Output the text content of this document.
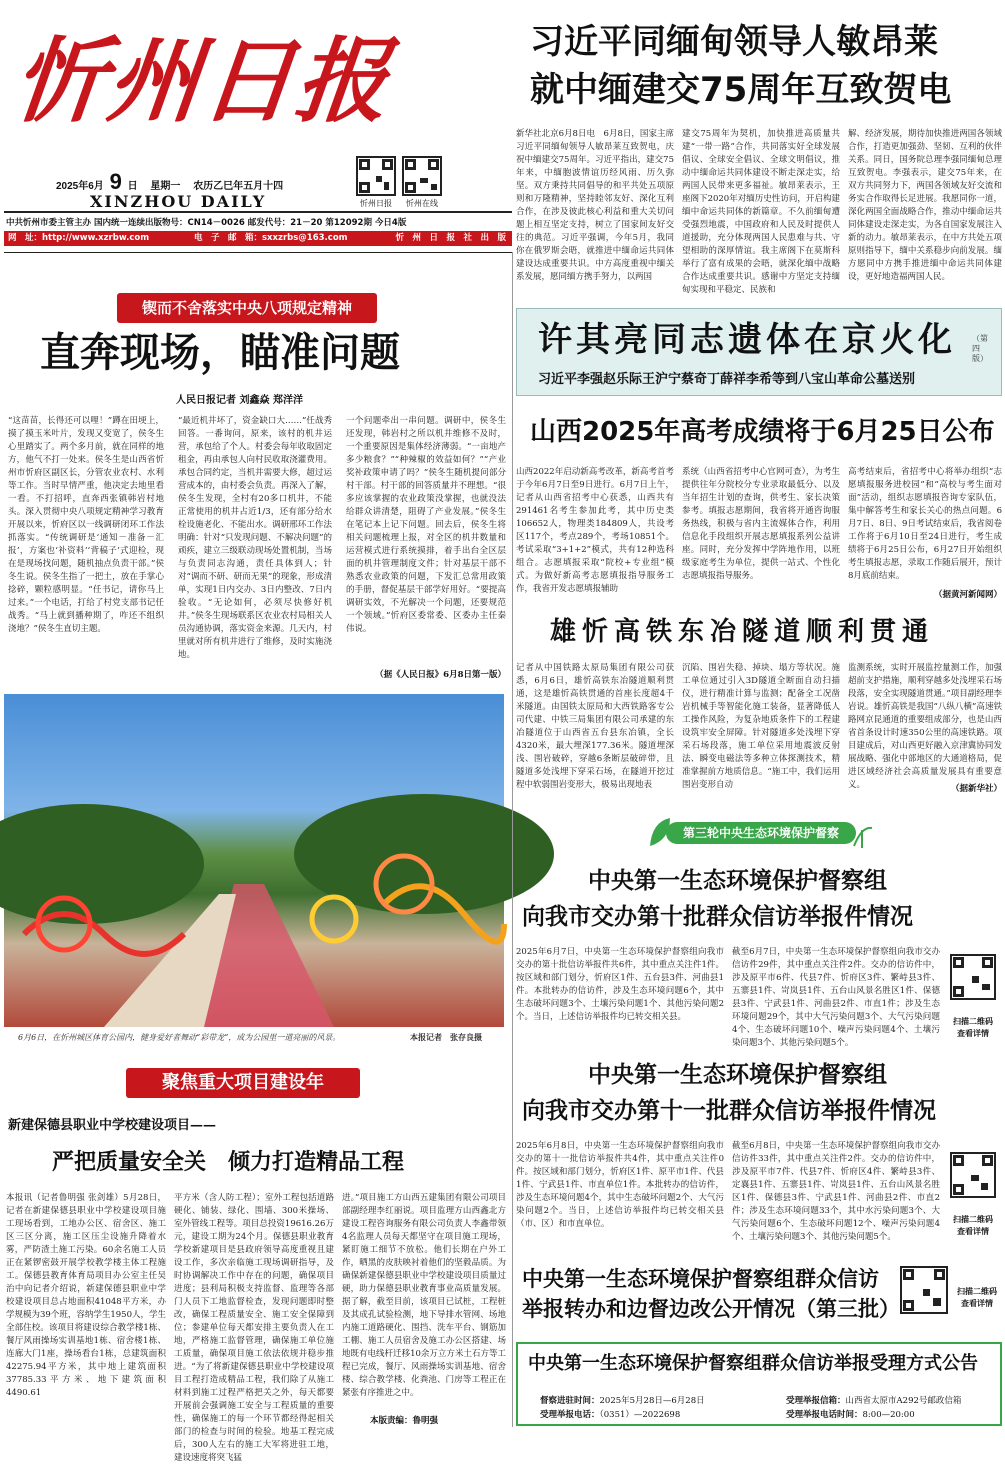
忻州日报
2025年6月 9 日 星期一 农历乙巳年五月十四
XINZHOU DAILY	忻州日报	忻州在线
中共忻州市委主管主办 国内统一连续出版物号：CN14－0026 邮发代号：21－20 第12092期 今日4版
网　址：http://www.xzrbw.com	电　子　邮　箱：sxxzrbs@163.com	忻　州　日　报　社　出　版
习近平同缅甸领导人敏昂莱
就中缅建交75周年互致贺电
新华社北京6月8日电　6月8日，国家主席习近平同缅甸领导人敏昂莱互致贺电，庆祝中缅建交75周年。习近平指出，建交75年来，中缅胞波情谊历经风雨、历久弥坚。双方秉持共同倡导的和平共处五项原则和万隆精神，坚持睦邻友好、深化互利合作，在涉及彼此核心利益和重大关切问题上相互坚定支持，树立了国家间友好交往的典范。习近平强调，今年5月，我同你在俄罗斯会晤，就推进中缅命运共同体建设达成重要共识。中方高度重视中缅关系发展，愿同缅方携手努力，以两国
建交75周年为契机，加快推进高质量共建“一带一路”合作，共同落实好全球发展倡议、全球安全倡议、全球文明倡议，推动中缅命运共同体建设不断走深走实，给两国人民带来更多福祉。敏昂莱表示，王座阁下2020年对缅历史性访问，开启构建缅中命运共同体的新篇章。不久前缅甸遭受强烈地震，中国政府和人民及时提供人道援助，充分体现两国人民患难与共、守望相助的深厚情谊。我主席阁下在莫斯科举行了富有成果的会晤，就深化缅中战略合作达成重要共识。感谢中方坚定支持缅甸实现和平稳定、民族和
解、经济发展，期待加快推进两国各领域合作，打造更加强劲、坚韧、互利的伙伴关系。同日，国务院总理李强同缅甸总理互致贺电。李强表示，建交75年来，在双方共同努力下，两国各领域友好交流和务实合作取得长足进展。我愿同你一道，深化两国全面战略合作，推动中缅命运共同体建设走深走实，为各自国家发展注入新的动力。敏昂莱表示，在中方共处五项原则指导下，缅中关系稳步向前发展。缅方愿同中方携手推进缅中命运共同体建设，更好地造福两国人民。
锲而不舍落实中央八项规定精神
直奔现场，瞄准问题
人民日报记者 刘鑫焱 郑洋洋
“这苗苗，长得还可以哩！”蹲在田埂上，摸了摸玉米叶片，发现又变宽了，侯冬生心里踏实了。两个多月前，就在同样的地方，他气不打一处来。侯冬生是山西省忻州市忻府区副区长，分管农业农村、水利等工作。当时早情严重，他决定去地里看一看。不打招呼，直奔西张镇韩岩村地头。深入贯彻中央八项规定精神学习教育开展以来，忻府区以一线调研闭环工作法抓落实。“传统调研是‘通知－准备－汇报’，方案也‘补资料’‘背稿子’式迎检，现在是现场找问题，随机抽点负责干部。”侯冬生说。侯冬生指了一把土，放在手掌心捻碎，颗粒感明显。“任书记，请你马上过来。”一个电话，打给了村党支部书记任战秀。“马上就到播种期了，咋还不组织浇地？”侯冬生直切主题。
“最近机井坏了，资金缺口大……”任战秀回答。一番询问，原来，该村的机井运营，承包给了个人。村委会每年收取固定租金，再由承包人向村民收取浇灌费用。承包合同约定，当机井需要大修，超过运营成本的，由村委会负责。再深入了解，侯冬生发现，全村有20多口机井，不能正常使用的机井占近1/3，还有部分给水栓设施老化、不能出水。调研邢环工作法明确：针对“只发现问题、不解决问题”的顽疾，建立三级联动现场处置机制，当场与负责同志沟通，责任具体到人；针对“调而不研、研而无果”的现象，形成清单，实现1日内交办、3日内整改、7日内验收。“无论如何，必须尽快修好机井。”侯冬生现场联系区农业农村局相关人员沟通协调，落实资金来源。几天内，村里就对所有机井进行了维修，及时实施浇地。
一个问题牵出一串问题。调研中，侯冬生还发现，韩岩村之所以机井维修不及时，一个重要原因是集体经济薄弱。“一亩地产多少粮食？”“种辣椒的效益如何？”“产业奖补政策申请了吗？”侯冬生随机提问部分村干部。村干部的回答质量并不理想。“很多应该掌握的农业政策没掌握，也就没法给群众讲清楚，阻碍了产业发展。”侯冬生在笔记本上记下问题。回去后，侯冬生将相关问题梳理上报，对全区的机井数量和运营模式进行系统摸排，着手出台全区层面的机井管理制度文件；针对基层干部不熟悉农业政策的问题，下发汇总常用政策的手册，督促基层干部学好用好。“要提高调研实效，不光解决一个问题，还要规范一个领域。”忻府区委常委、区委办主任秦伟说。
（据《人民日报》6月8日第一版）
6月6日，在忻州城区体育公园内，健身爱好者舞动“彩带龙”，成为公园里一道亮丽的风景。	本报记者　张存良摄
聚焦重大项目建设年
新建保德县职业中学校建设项目——
严把质量安全关　倾力打造精品工程
本报讯（记者鲁明强 张剑雄）5月28日，记者在新建保德县职业中学校建设项目施工现场看到，工地办公区、宿舍区、施工区三区分离，施工区压尘设施升降着水雾，严防渣土施工污染。60余名施工人员正在紧锣密鼓开展学校教学楼主体工程施工。保德县教育体育局项目办公室主任吴治中向记者介绍说，新建保德县职业中学校建设项目总占地面积41048平方米，办学规模为39个班，容纳学生1950人，学生全部住校。该项目将建设综合教学楼1栋、餐厅风雨操场实训基地1栋、宿舍楼1栋、连廊大门1座，操场看台1栋，总建筑面积42275.94平方米，其中地上建筑面积37785.33平方米、地下建筑面积4490.61
平方米（含人防工程）；室外工程包括道路硬化、铺装、绿化、围墙、300米操场、室外管线工程等。项目总投资19616.26万元，建设工期为24个月。保德县职业教育学校新建项目是县政府领导高度重视且建设工作，多次亲临施工现场调研指导，及时协调解决工作中存在的问题，确保项目进度；县利局积极支持监督、监理等各部门人员下工地监督检查，发现问题即时整改，确保工程质量安全、施工安全保障到位；参建单位每天都安排主要负责人在工地，严格施工监督管理，确保施工单位施工质量，确保项目施工依法依规并稳步推进。“为了将新建保德县职业中学校建设项目工程打造成精品工程，我们除了从施工材料到施工过程严格把关之外，每天都要开展前会强调施工安全与工程质量的重要性，确保施工的每一个环节都经得起相关部门的检查与时间的检验。地基工程完成后，300人左右的施工大军将进驻工地，建设速度将突飞猛
进。”项目施工方山西五建集团有限公司项目部副经理李红丽说。项目监理方山西鑫北方建设工程咨询服务有限公司负责人李鑫带领4名监理人员每天都坚守在项目施工现场，紧盯施工细节不放松。他们长期在户外工作，晒黑的皮肤映衬着他们的坚毅品质。为确保新建保德县职业中学校建设项目质量过硬，助力保德县职业教育事业高质量发展。据了解，截至目前，该项目已试桩，工程桩及其成孔试验检测，地下导排水管网、场地内施工道路硬化、围挡、洗车平台、钢筋加工棚、施工人员宿舍及施工办公区搭建、场地既有电线杆迁移10余万立方米土石方等工程已完成，餐厅、风雨操场实训基地、宿舍楼、综合教学楼、化粪池、门房等工程正在紧张有序推进之中。
本版责编：鲁明强
许其亮同志遗体在京火化
习近平李强赵乐际王沪宁蔡奇丁薛祥李希等到八宝山革命公墓送别
（第四版）
山西2025年高考成绩将于6月25日公布
山西2022年启动新高考改革，新高考首考于今年6月7日至9日进行。6月7日上午，记者从山西省招考中心获悉，山西共有291461名考生参加此考，其中历史类106652人，物理类184809人，共设考区117个，考点289个，考场10851个。考试采取“3+1+2”模式，共有12种选科组合。志愿填报采取“院校+专业组”模式。为做好新高考志愿填报指导服务工作，我省开发志愿填报辅助
系统（山西省招考中心官网可查），为考生提供往年分院校分专业录取最低分、以及当年招生计划的查询，供考生、家长决策参考。填报志愿期间，我省将开通咨询服务热线，积极与省内主流媒体合作，利用信息化手段组织开展志愿填报系列公益讲座。同时，充分发挥中学阵地作用，以班级家庭考生为单位，提供一站式、个性化志愿填报指导服务。
高考结束后，省招考中心将举办组织“志愿填报服务进校园”和“高校与考生面对面”活动，组织志愿填报咨询专家队伍，集中解答考生和家长关心的热点问题。6月7日、8日、9日考试结束后，我省阅卷工作将于6月10日至24日进行，考生成绩将于6月25日公布，6月27日开始组织考生填报志愿，录取工作随后展开，预计8月底前结束。
（据黄河新闻网）
雄忻高铁东冶隧道顺利贯通
记者从中国铁路太原局集团有限公司获悉，6月6日，雄忻高铁东冶隧道顺利贯通，这是雄忻高铁贯通的首座长度超4千米隧道。由国铁太原局和大西铁路客专公司代建、中铁三局集团有限公司承建的东冶隧道位于山西省五台县东冶镇，全长4320米，最大埋深177.36米。隧道埋深浅、围岩破碎，穿越6条断层破碎带，且隧道多处浅埋下穿采石场，在隧道开挖过程中软弱围岩变形大，极易出现地表
沉陷、围岩失稳、掉块、塌方等状况。施工单位通过引入3D隧道全断面自动扫描仪，进行精准计算与监测；配备全工况凿岩机械手等智能化施工装备，显著降低人工操作风险，为复杂地质条件下的工程建设筑牢安全屏障。针对隧道多处浅埋下穿采石场段落，施工单位采用地震波反射法、瞬变电磁法等多种立体探测技术，精准掌握前方地质信息。“施工中，我们运用围岩变形自动
监测系统，实时开展监控量测工作，加强超前支护措施，顺利穿越多处浅埋采石场段落，安全实现隧道贯通。”项目副经理李岩说。雄忻高铁是我国“八纵八横”高速铁路网京昆通道的重要组成部分，也是山西省首条设计时速350公里的高速铁路。项目建成后，对山西更好融入京津冀协同发展战略、强化中部地区的大通道格局，促进区域经济社会高质量发展具有重要意义。	（据新华社）
第三轮中央生态环境保护督察
中央第一生态环境保护督察组
向我市交办第十批群众信访举报件情况
2025年6月7日，中央第一生态环境保护督察组向我市交办的第十批信访举报件共6件，其中重点关注件1件。按区域和部门划分，忻府区1件、五台县3件、河曲县1件。本批转办的信访件，涉及生态环境问题6个，其中生态破坏问题3个、土壤污染问题1个、其他污染问题2个。当日，上述信访举报件均已转交相关县。
截至6月7日，中央第一生态环境保护督察组向我市交办信访件29件，其中重点关注件2件。交办的信访件中，涉及原平市6件、代县7件、忻府区3件、繁峙县3件、五寨县1件、岢岚县1件、五台山风景名胜区1件、保德县3件、宁武县1件、河曲县2件、市直1件；涉及生态环境问题29个，其中大气污染问题3个、大气污染问题4个、生态破坏问题10个、噪声污染问题4个、土壤污染问题3个、其他污染问题5个。
扫描二维码
查看详情
中央第一生态环境保护督察组
向我市交办第十一批群众信访举报件情况
2025年6月8日，中央第一生态环境保护督察组向我市交办的第十一批信访举报件共4件，其中重点关注件0件。按区域和部门划分，忻府区1件、原平市1件、代县1件、宁武县1件、市直单位1件。本批转办的信访件，涉及生态环境问题4个，其中生态破坏问题2个、大气污染问题2个。当日，上述信访举报件均已转交相关县（市、区）和市直单位。
截至6月8日，中央第一生态环境保护督察组向我市交办信访件33件，其中重点关注件2件。交办的信访件中，涉及原平市7件、代县7件、忻府区4件、繁峙县3件、定襄县1件、五寨县1件、岢岚县1件、五台山风景名胜区1件、保德县3件、宁武县1件、河曲县2件、市直2件；涉及生态环境问题33个，其中水污染问题3个、大气污染问题6个、生态破坏问题12个、噪声污染问题4个、土壤污染问题3个、其他污染问题5个。
扫描二维码
查看详情
中央第一生态环境保护督察组群众信访
举报转办和边督边改公开情况（第三批）
扫描二维码
查看详情
中央第一生态环境保护督察组群众信访举报受理方式公告
督察进驻时间：2025年5月28日—6月28日
受理举报电话：（0351）—2022698
受理举报信箱：山西省太原市A292号邮政信箱
受理举报电话时间：8:00—20:00
